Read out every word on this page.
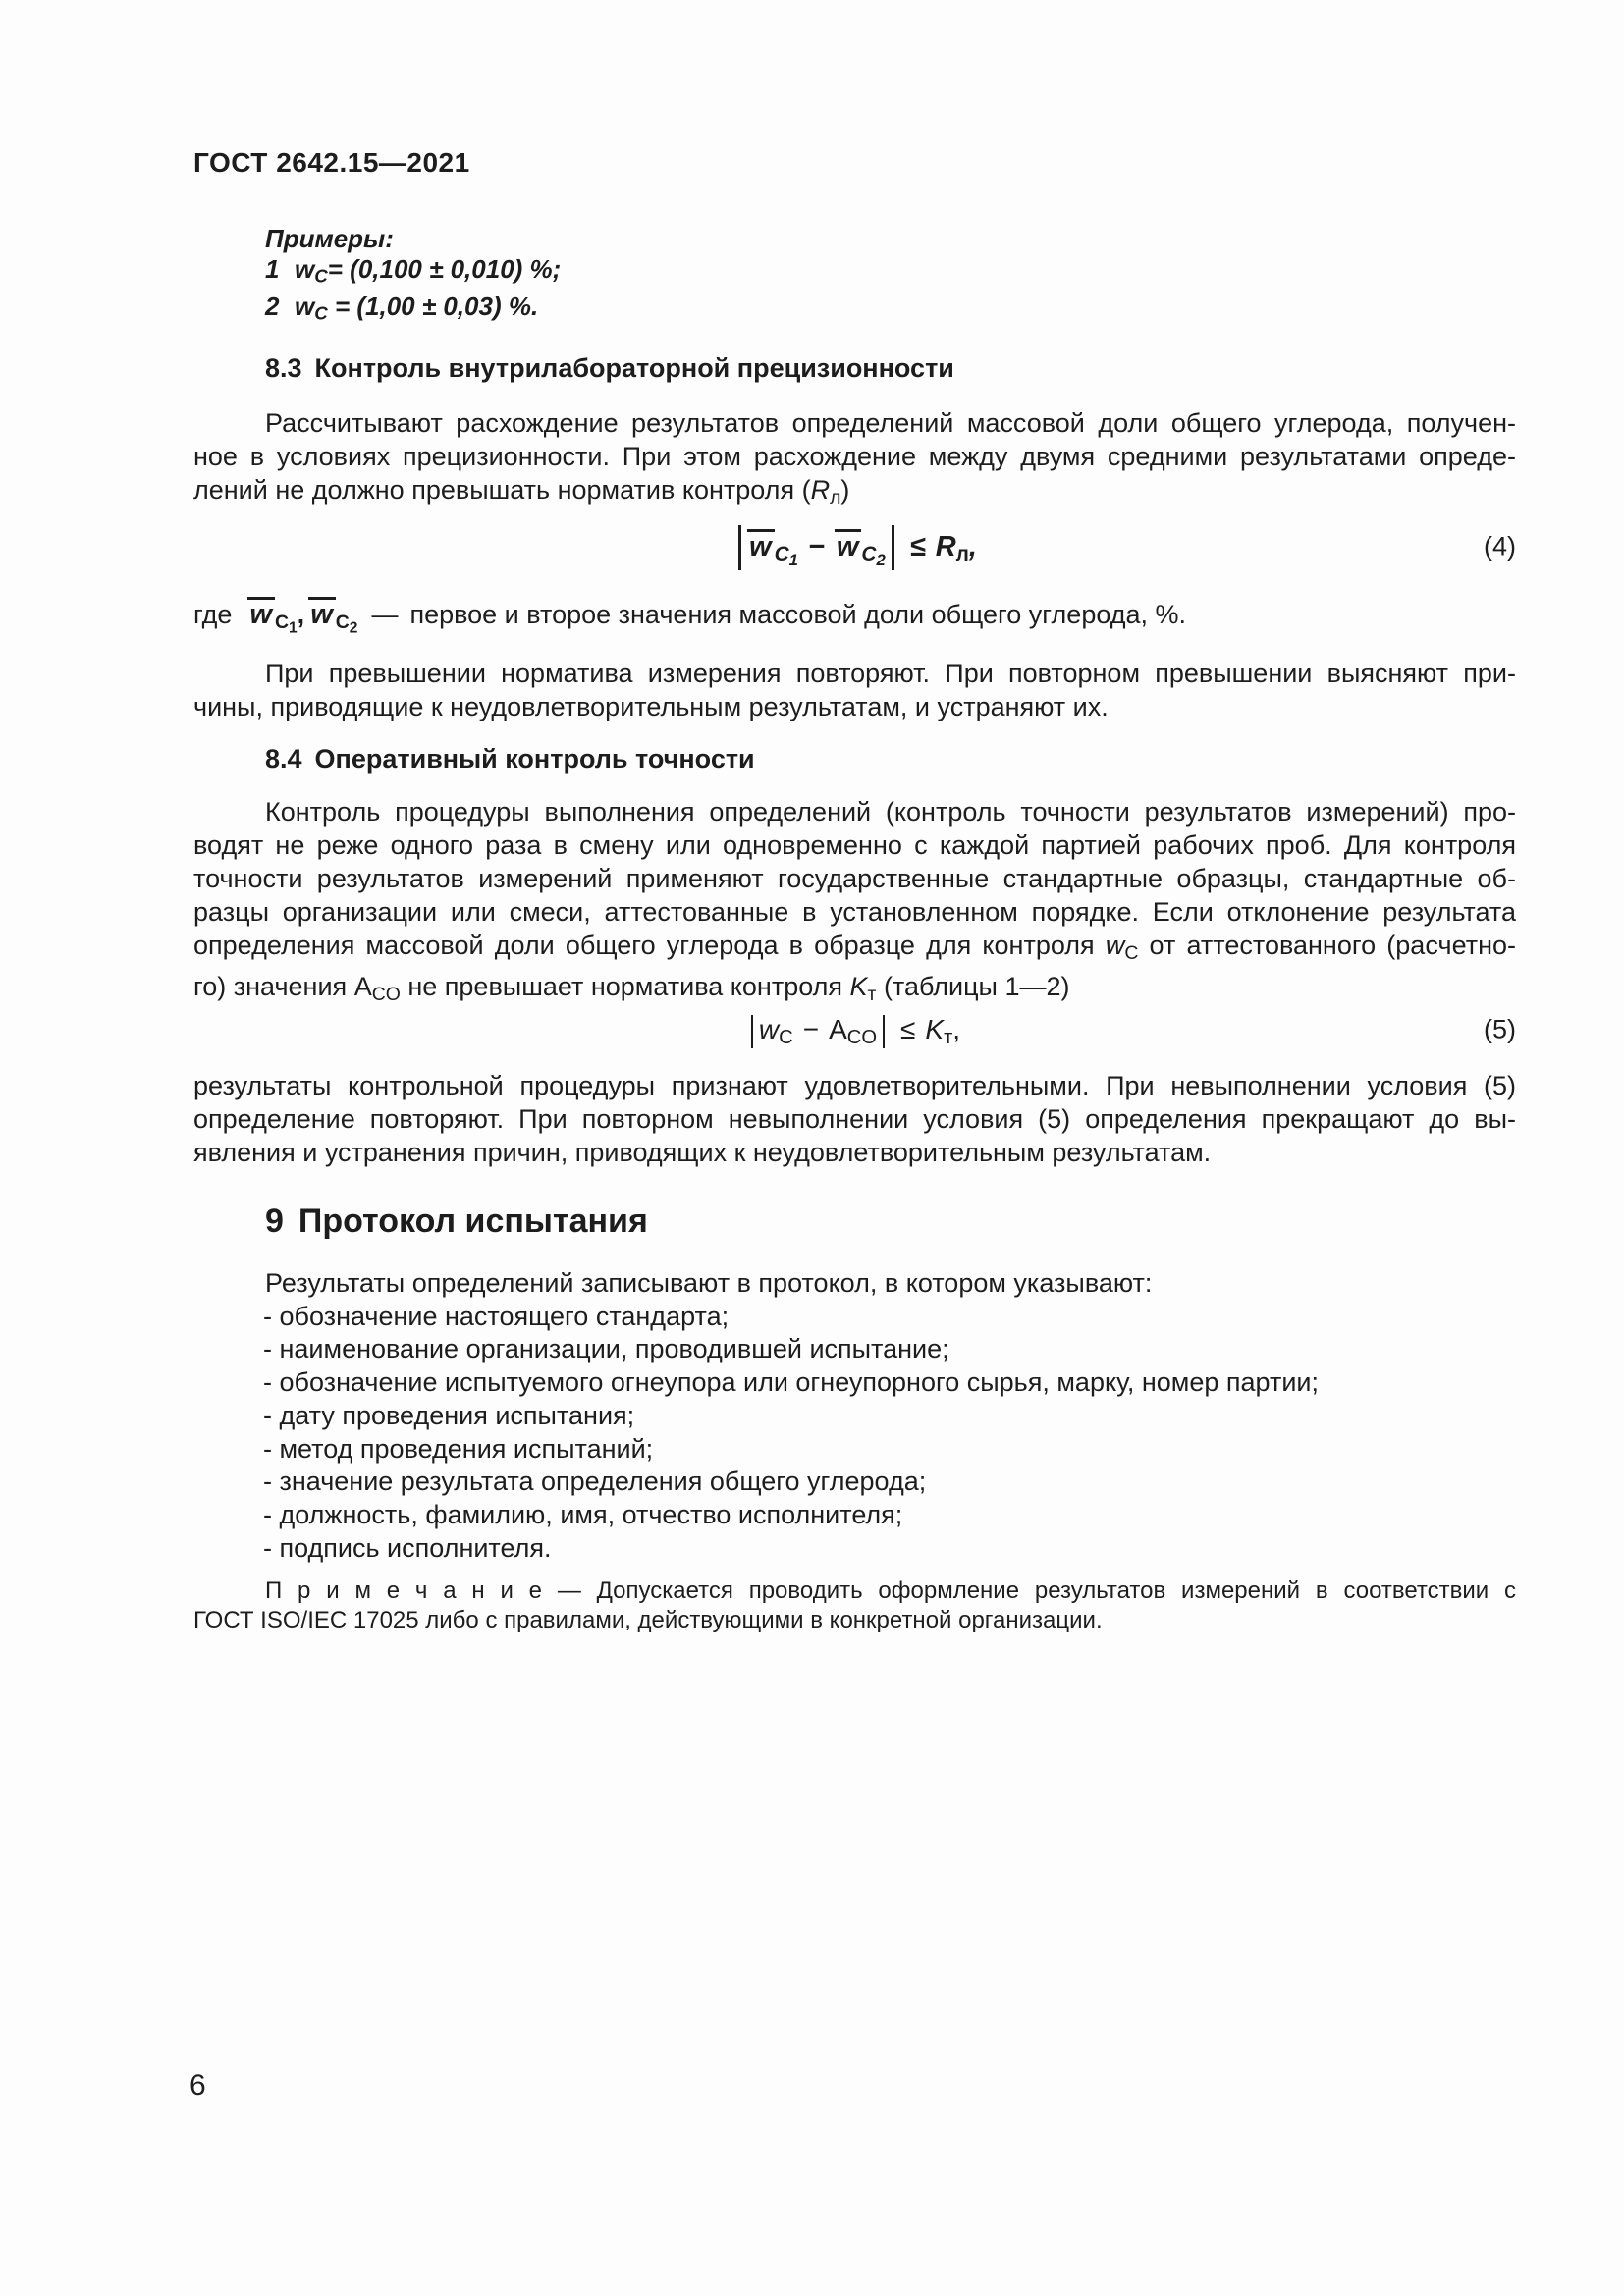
ГОСТ 2642.15—2021
Примеры:
1 wC= (0,100 ± 0,010) %;
2 wC = (1,00 ± 0,03) %.
8.3 Контроль внутрилабораторной прецизионности
Рассчитывают расхождение результатов определений массовой доли общего углерода, получен-
ное в условиях прецизионности. При этом расхождение между двумя средними результатами опреде-
лений не должно превышать норматив контроля (Rл)
w $C_1 - w$ $C_2$ ≤ Rл,	(4)
где w $C_1$, w $C_2$ — первое и второе значения массовой доли общего углерода, %.
При превышении норматива измерения повторяют. При повторном превышении выясняют при-
чины, приводящие к неудовлетворительным результатам, и устраняют их.
8.4 Оперативный контроль точности
Контроль процедуры выполнения определений (контроль точности результатов измерений) про-
водят не реже одного раза в смену или одновременно с каждой партией рабочих проб. Для контроля
точности результатов измерений применяют государственные стандартные образцы, стандартные об-
разцы организации или смеси, аттестованные в установленном порядке. Если отклонение результата
определения массовой доли общего углерода в образце для контроля wC от аттестованного (расчетно-
го) значения ACO не превышает норматива контроля Kт (таблицы 1—2)
wC − ACO ≤ Kт,	(5)
результаты контрольной процедуры признают удовлетворительными. При невыполнении условия (5)
определение повторяют. При повторном невыполнении условия (5) определения прекращают до вы-
явления и устранения причин, приводящих к неудовлетворительным результатам.
9 Протокол испытания
Результаты определений записывают в протокол, в котором указывают:
- обозначение настоящего стандарта;
- наименование организации, проводившей испытание;
- обозначение испытуемого огнеупора или огнеупорного сырья, марку, номер партии;
- дату проведения испытания;
- метод проведения испытаний;
- значение результата определения общего углерода;
- должность, фамилию, имя, отчество исполнителя;
- подпись исполнителя.
П р и м е ч а н и е — Допускается проводить оформление результатов измерений в соответствии с
ГОСТ ISO/IEC 17025 либо с правилами, действующими в конкретной организации.
6
